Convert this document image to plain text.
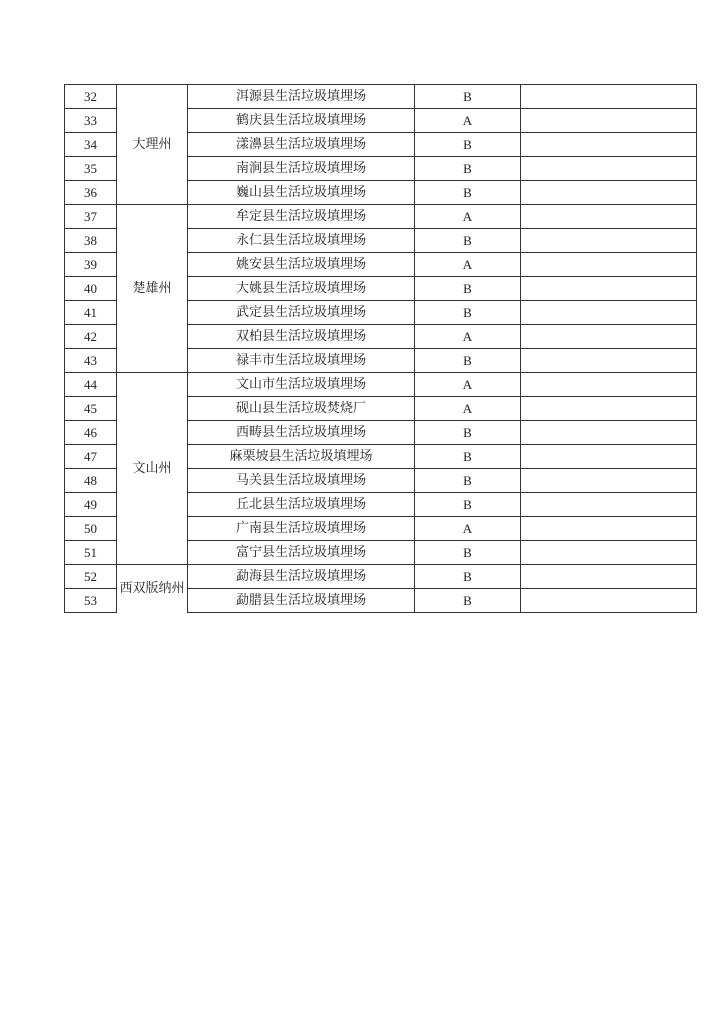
32	大理州	洱源县生活垃圾填埋场	B	
33		鹤庆县生活垃圾填埋场	A	
34		漾濞县生活垃圾填埋场	B	
35		南涧县生活垃圾填埋场	B	
36		巍山县生活垃圾填埋场	B	
37	楚雄州	牟定县生活垃圾填埋场	A	
38		永仁县生活垃圾填埋场	B	
39		姚安县生活垃圾填埋场	A	
40		大姚县生活垃圾填埋场	B	
41		武定县生活垃圾填埋场	B	
42		双柏县生活垃圾填埋场	A	
43		禄丰市生活垃圾填埋场	B	
44	文山州	文山市生活垃圾填埋场	A	
45		砚山县生活垃圾焚烧厂	A	
46		西畴县生活垃圾填埋场	B	
47		麻栗坡县生活垃圾填埋场	B	
48		马关县生活垃圾填埋场	B	
49		丘北县生活垃圾填埋场	B	
50		广南县生活垃圾填埋场	A	
51		富宁县生活垃圾填埋场	B	
52	西双版纳州	勐海县生活垃圾填埋场	B	
53		勐腊县生活垃圾填埋场	B	
